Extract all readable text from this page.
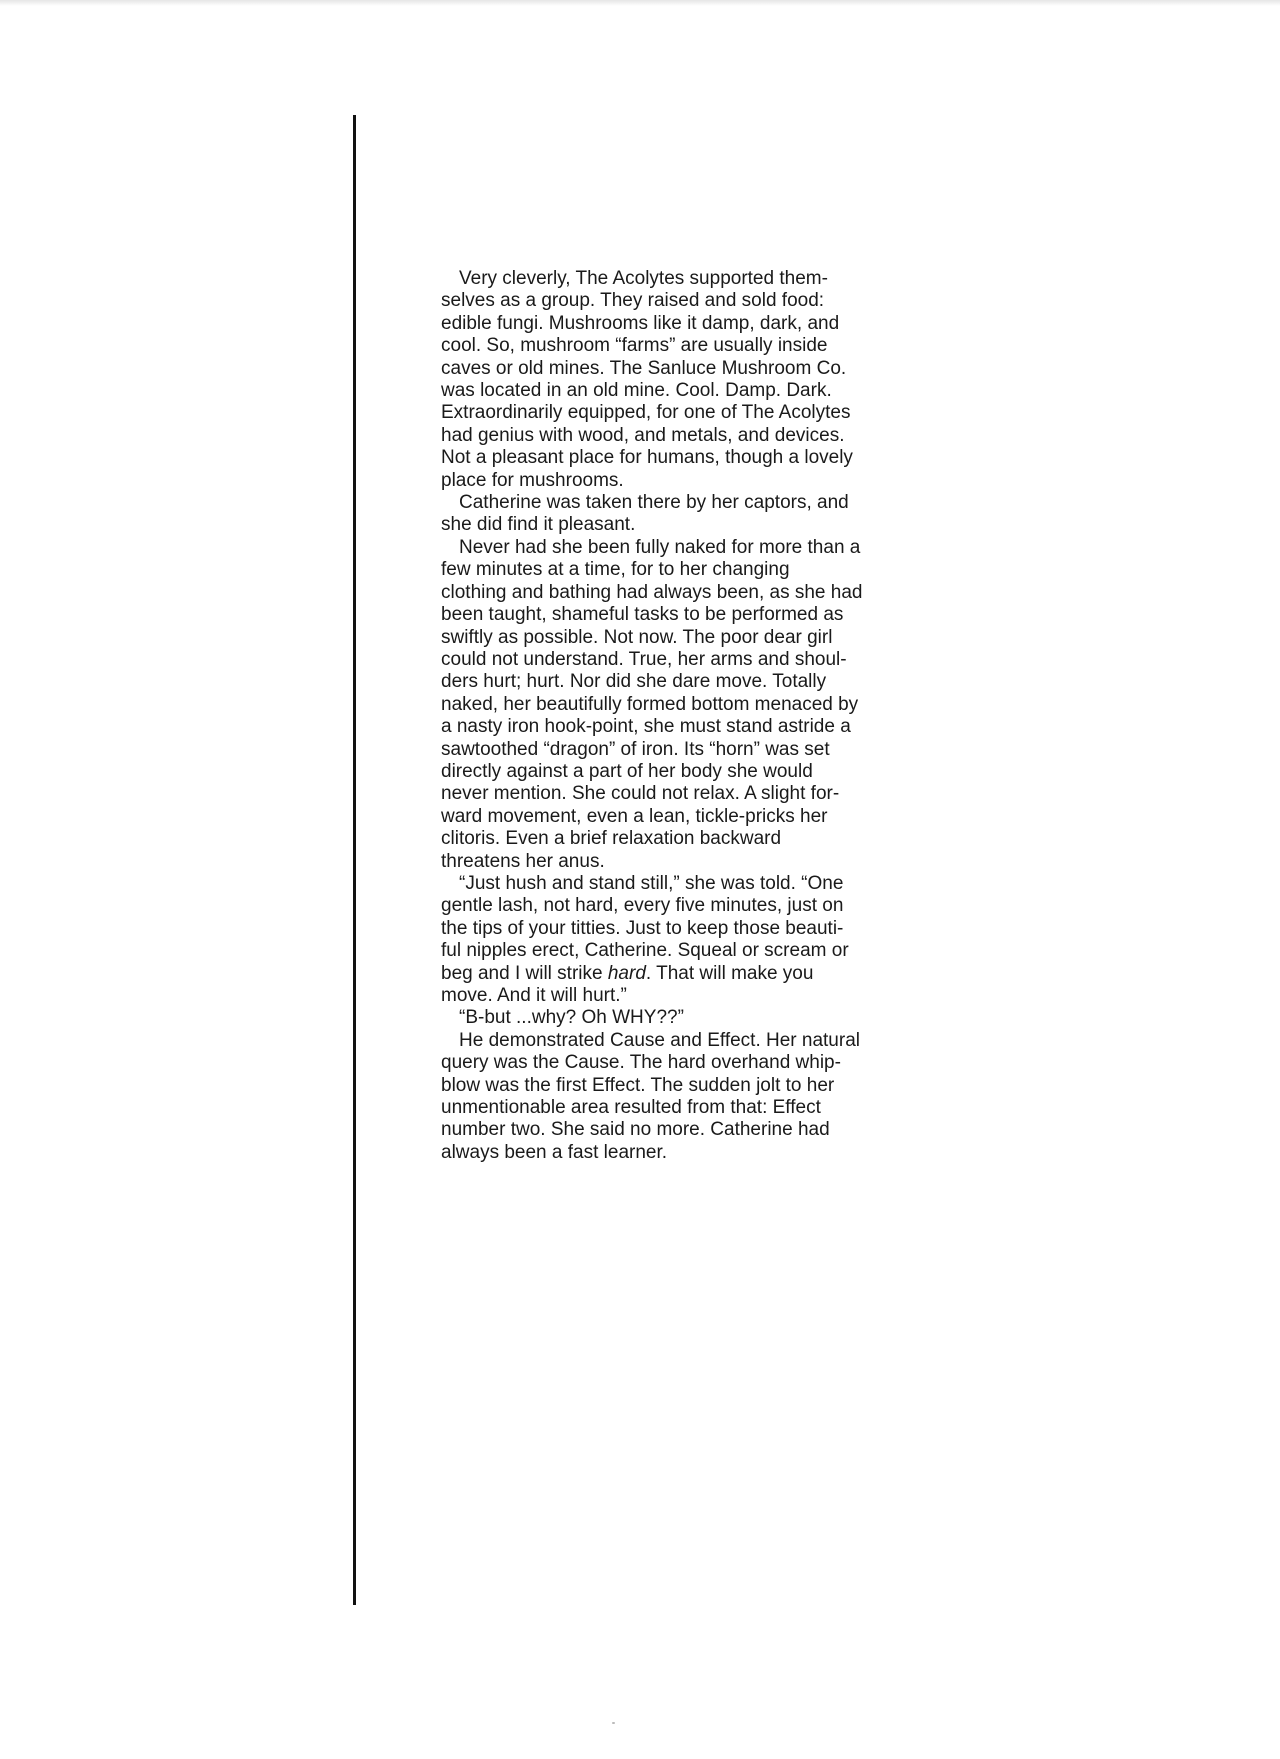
Very cleverly, The Acolytes supported them-
selves as a group. They raised and sold food:
edible fungi. Mushrooms like it damp, dark, and
cool. So, mushroom “farms” are usually inside
caves or old mines. The Sanluce Mushroom Co.
was located in an old mine. Cool. Damp. Dark.
Extraordinarily equipped, for one of The Acolytes
had genius with wood, and metals, and devices.
Not a pleasant place for humans, though a lovely
place for mushrooms.
Catherine was taken there by her captors, and
she did find it pleasant.
Never had she been fully naked for more than a
few minutes at a time, for to her changing
clothing and bathing had always been, as she had
been taught, shameful tasks to be performed as
swiftly as possible. Not now. The poor dear girl
could not understand. True, her arms and shoul-
ders hurt; hurt. Nor did she dare move. Totally
naked, her beautifully formed bottom menaced by
a nasty iron hook-point, she must stand astride a
sawtoothed “dragon” of iron. Its “horn” was set
directly against a part of her body she would
never mention. She could not relax. A slight for-
ward movement, even a lean, tickle-pricks her
clitoris. Even a brief relaxation backward
threatens her anus.
“Just hush and stand still,” she was told. “One
gentle lash, not hard, every five minutes, just on
the tips of your titties. Just to keep those beauti-
ful nipples erect, Catherine. Squeal or scream or
beg and I will strike hard. That will make you
move. And it will hurt.”
“B-but ...why? Oh WHY??”
He demonstrated Cause and Effect. Her natural
query was the Cause. The hard overhand whip-
blow was the first Effect. The sudden jolt to her
unmentionable area resulted from that: Effect
number two. She said no more. Catherine had
always been a fast learner.
